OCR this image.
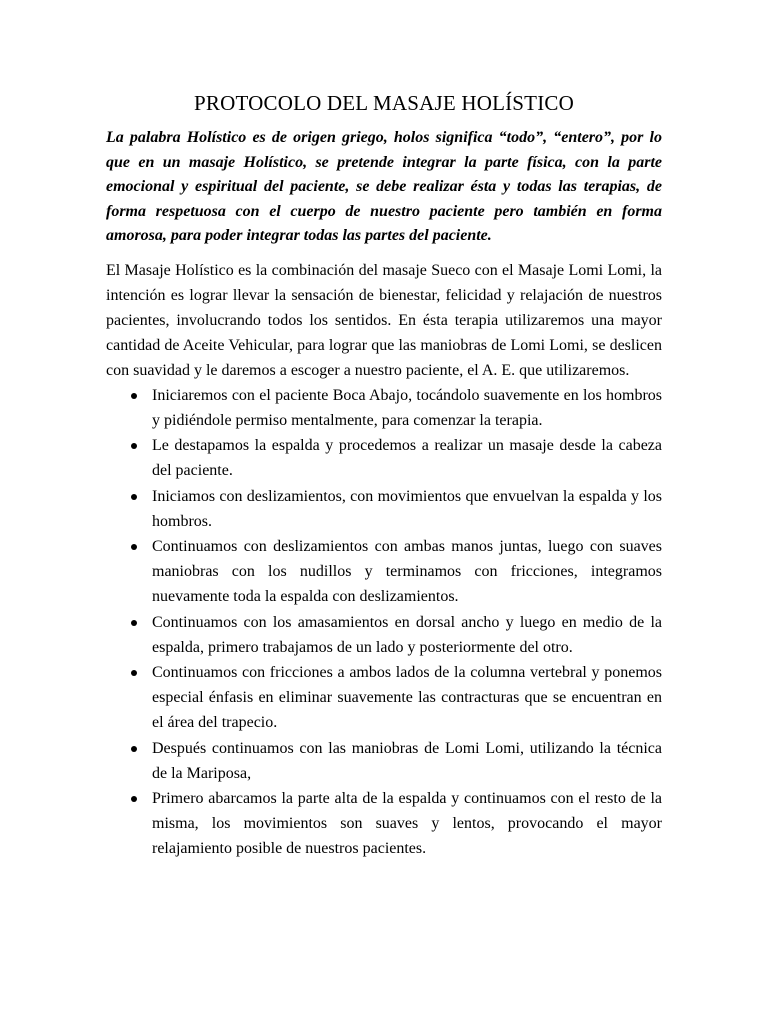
PROTOCOLO DEL MASAJE HOLÍSTICO

La palabra Holístico es de origen griego, holos significa “todo”, “entero”, por lo que en un masaje Holístico, se pretende integrar la parte física, con la parte emocional y espiritual del paciente, se debe realizar ésta y todas las terapias, de forma respetuosa con el cuerpo de nuestro paciente pero también en forma amorosa, para poder integrar todas las partes del paciente.

El Masaje Holístico es la combinación del masaje Sueco con el Masaje Lomi Lomi, la intención es lograr llevar la sensación de bienestar, felicidad y relajación de nuestros pacientes, involucrando todos los sentidos. En ésta terapia utilizaremos una mayor cantidad de Aceite Vehicular, para lograr que las maniobras de Lomi Lomi, se deslicen con suavidad y le daremos a escoger a nuestro paciente, el A. E. que utilizaremos.

Iniciaremos con el paciente Boca Abajo, tocándolo suavemente en los hombros y pidiéndole permiso mentalmente, para comenzar la terapia.
Le destapamos la espalda y procedemos a realizar un masaje desde la cabeza del paciente.
Iniciamos con deslizamientos, con movimientos que envuelvan la espalda y los hombros.
Continuamos con deslizamientos con ambas manos juntas, luego con suaves maniobras con los nudillos y terminamos con fricciones, integramos nuevamente toda la espalda con deslizamientos.
Continuamos con los amasamientos en dorsal ancho y luego en medio de la espalda, primero trabajamos de un lado y posteriormente del otro.
Continuamos con fricciones a ambos lados de la columna vertebral y ponemos especial énfasis en eliminar suavemente las contracturas que se encuentran en el área del trapecio.
Después continuamos con las maniobras de Lomi Lomi, utilizando la técnica de la Mariposa,
Primero abarcamos la parte alta de la espalda y continuamos con el resto de la misma, los movimientos son suaves y lentos, provocando el mayor relajamiento posible de nuestros pacientes.
